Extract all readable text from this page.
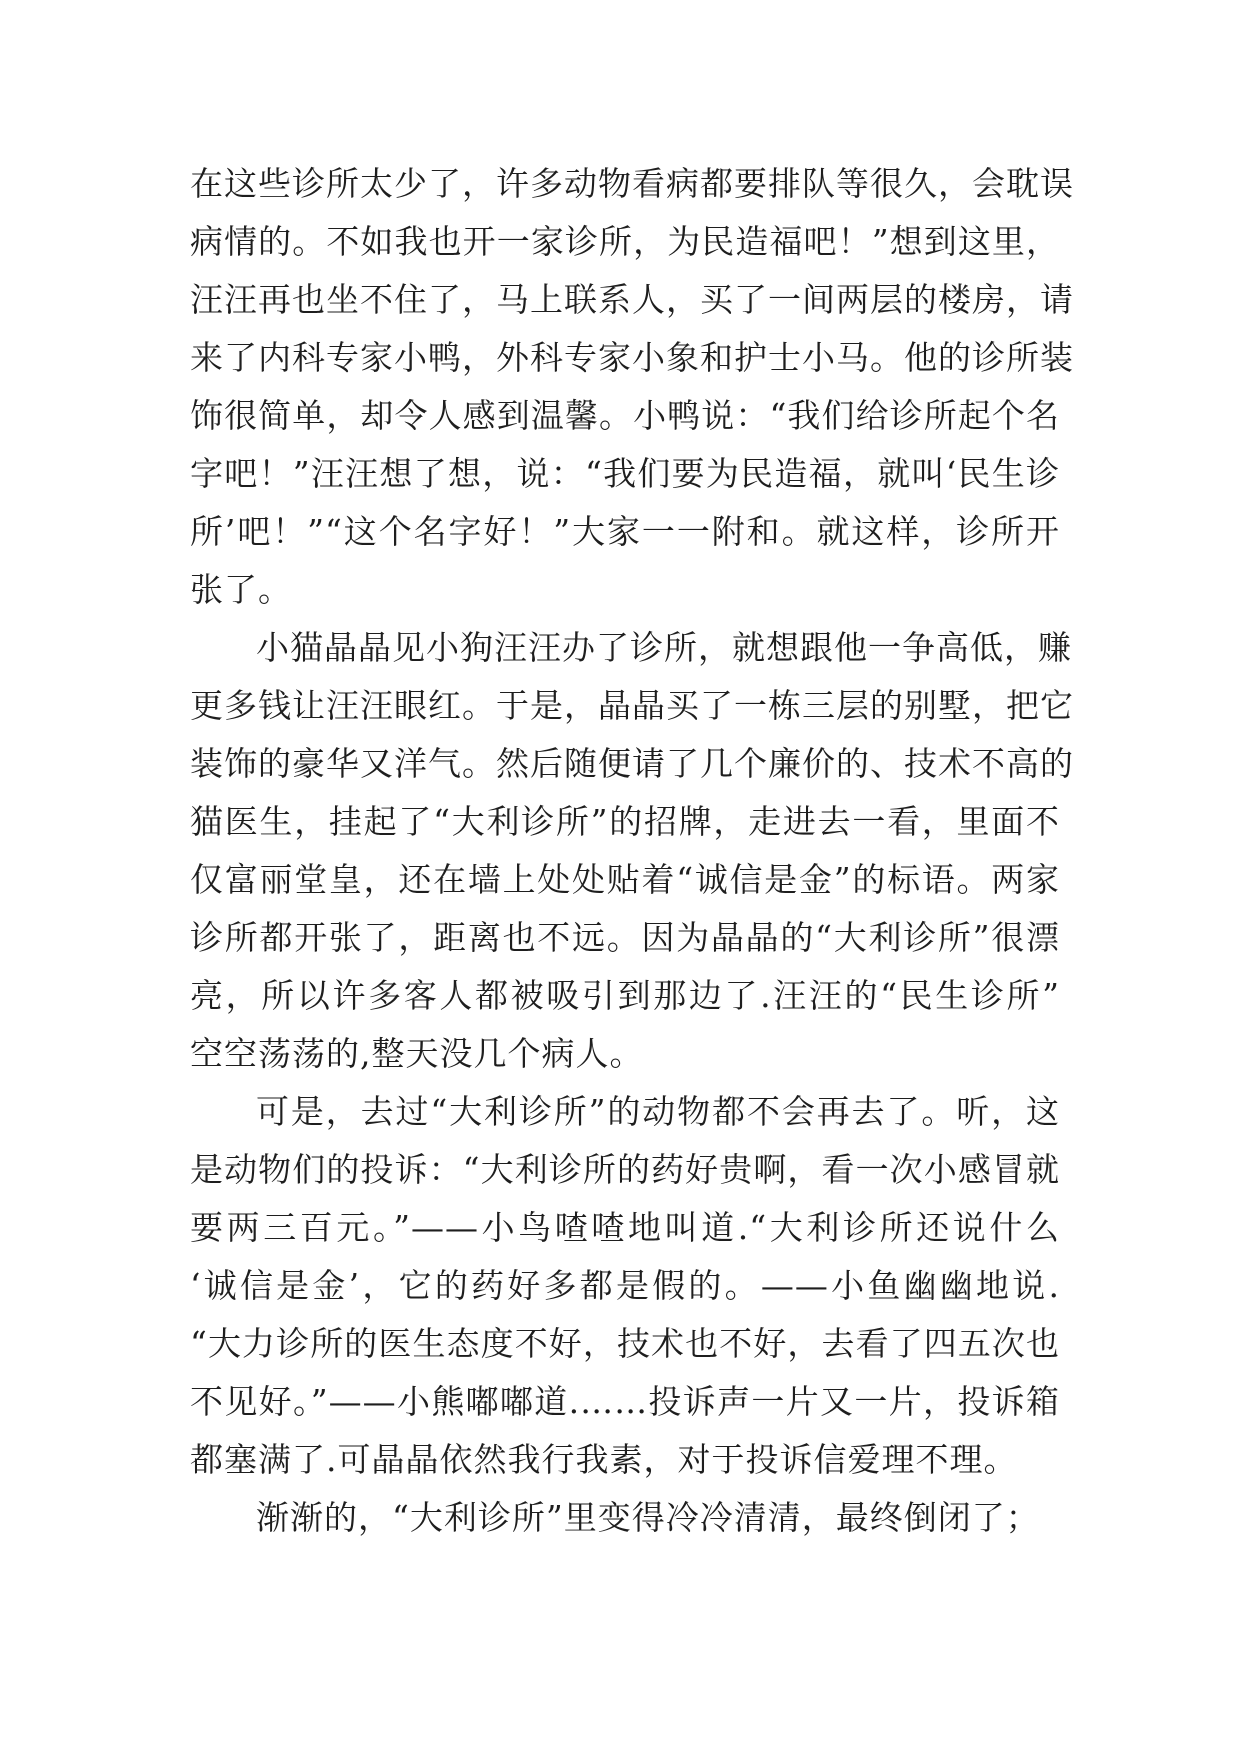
在这些诊所太少了，许多动物看病都要排队等很久，会耽误
病情的。不如我也开一家诊所，为民造福吧！”想到这里，
汪汪再也坐不住了，马上联系人，买了一间两层的楼房，请
来了内科专家小鸭，外科专家小象和护士小马。他的诊所装
饰很简单，却令人感到温馨。小鸭说：“我们给诊所起个名
字吧！”汪汪想了想，说：“我们要为民造福，就叫‘民生诊
所’吧！”“这个名字好！”大家一一附和。就这样，诊所开
张了。
小猫晶晶见小狗汪汪办了诊所，就想跟他一争高低，赚
更多钱让汪汪眼红。于是，晶晶买了一栋三层的别墅，把它
装饰的豪华又洋气。然后随便请了几个廉价的、技术不高的
猫医生，挂起了“大利诊所”的招牌，走进去一看，里面不
仅富丽堂皇，还在墙上处处贴着“诚信是金”的标语。两家
诊所都开张了，距离也不远。因为晶晶的“大利诊所”很漂
亮，所以许多客人都被吸引到那边了.汪汪的“民生诊所”
空空荡荡的,整天没几个病人。
可是，去过“大利诊所”的动物都不会再去了。听，这
是动物们的投诉：“大利诊所的药好贵啊，看一次小感冒就
要两三百元。”——小鸟喳喳地叫道.“大利诊所还说什么
‘诚信是金’，它的药好多都是假的。——小鱼幽幽地说.
“大力诊所的医生态度不好，技术也不好，去看了四五次也
不见好。”——小熊嘟嘟道.……投诉声一片又一片，投诉箱
都塞满了.可晶晶依然我行我素，对于投诉信爱理不理。
渐渐的，“大利诊所”里变得冷冷清清，最终倒闭了；
